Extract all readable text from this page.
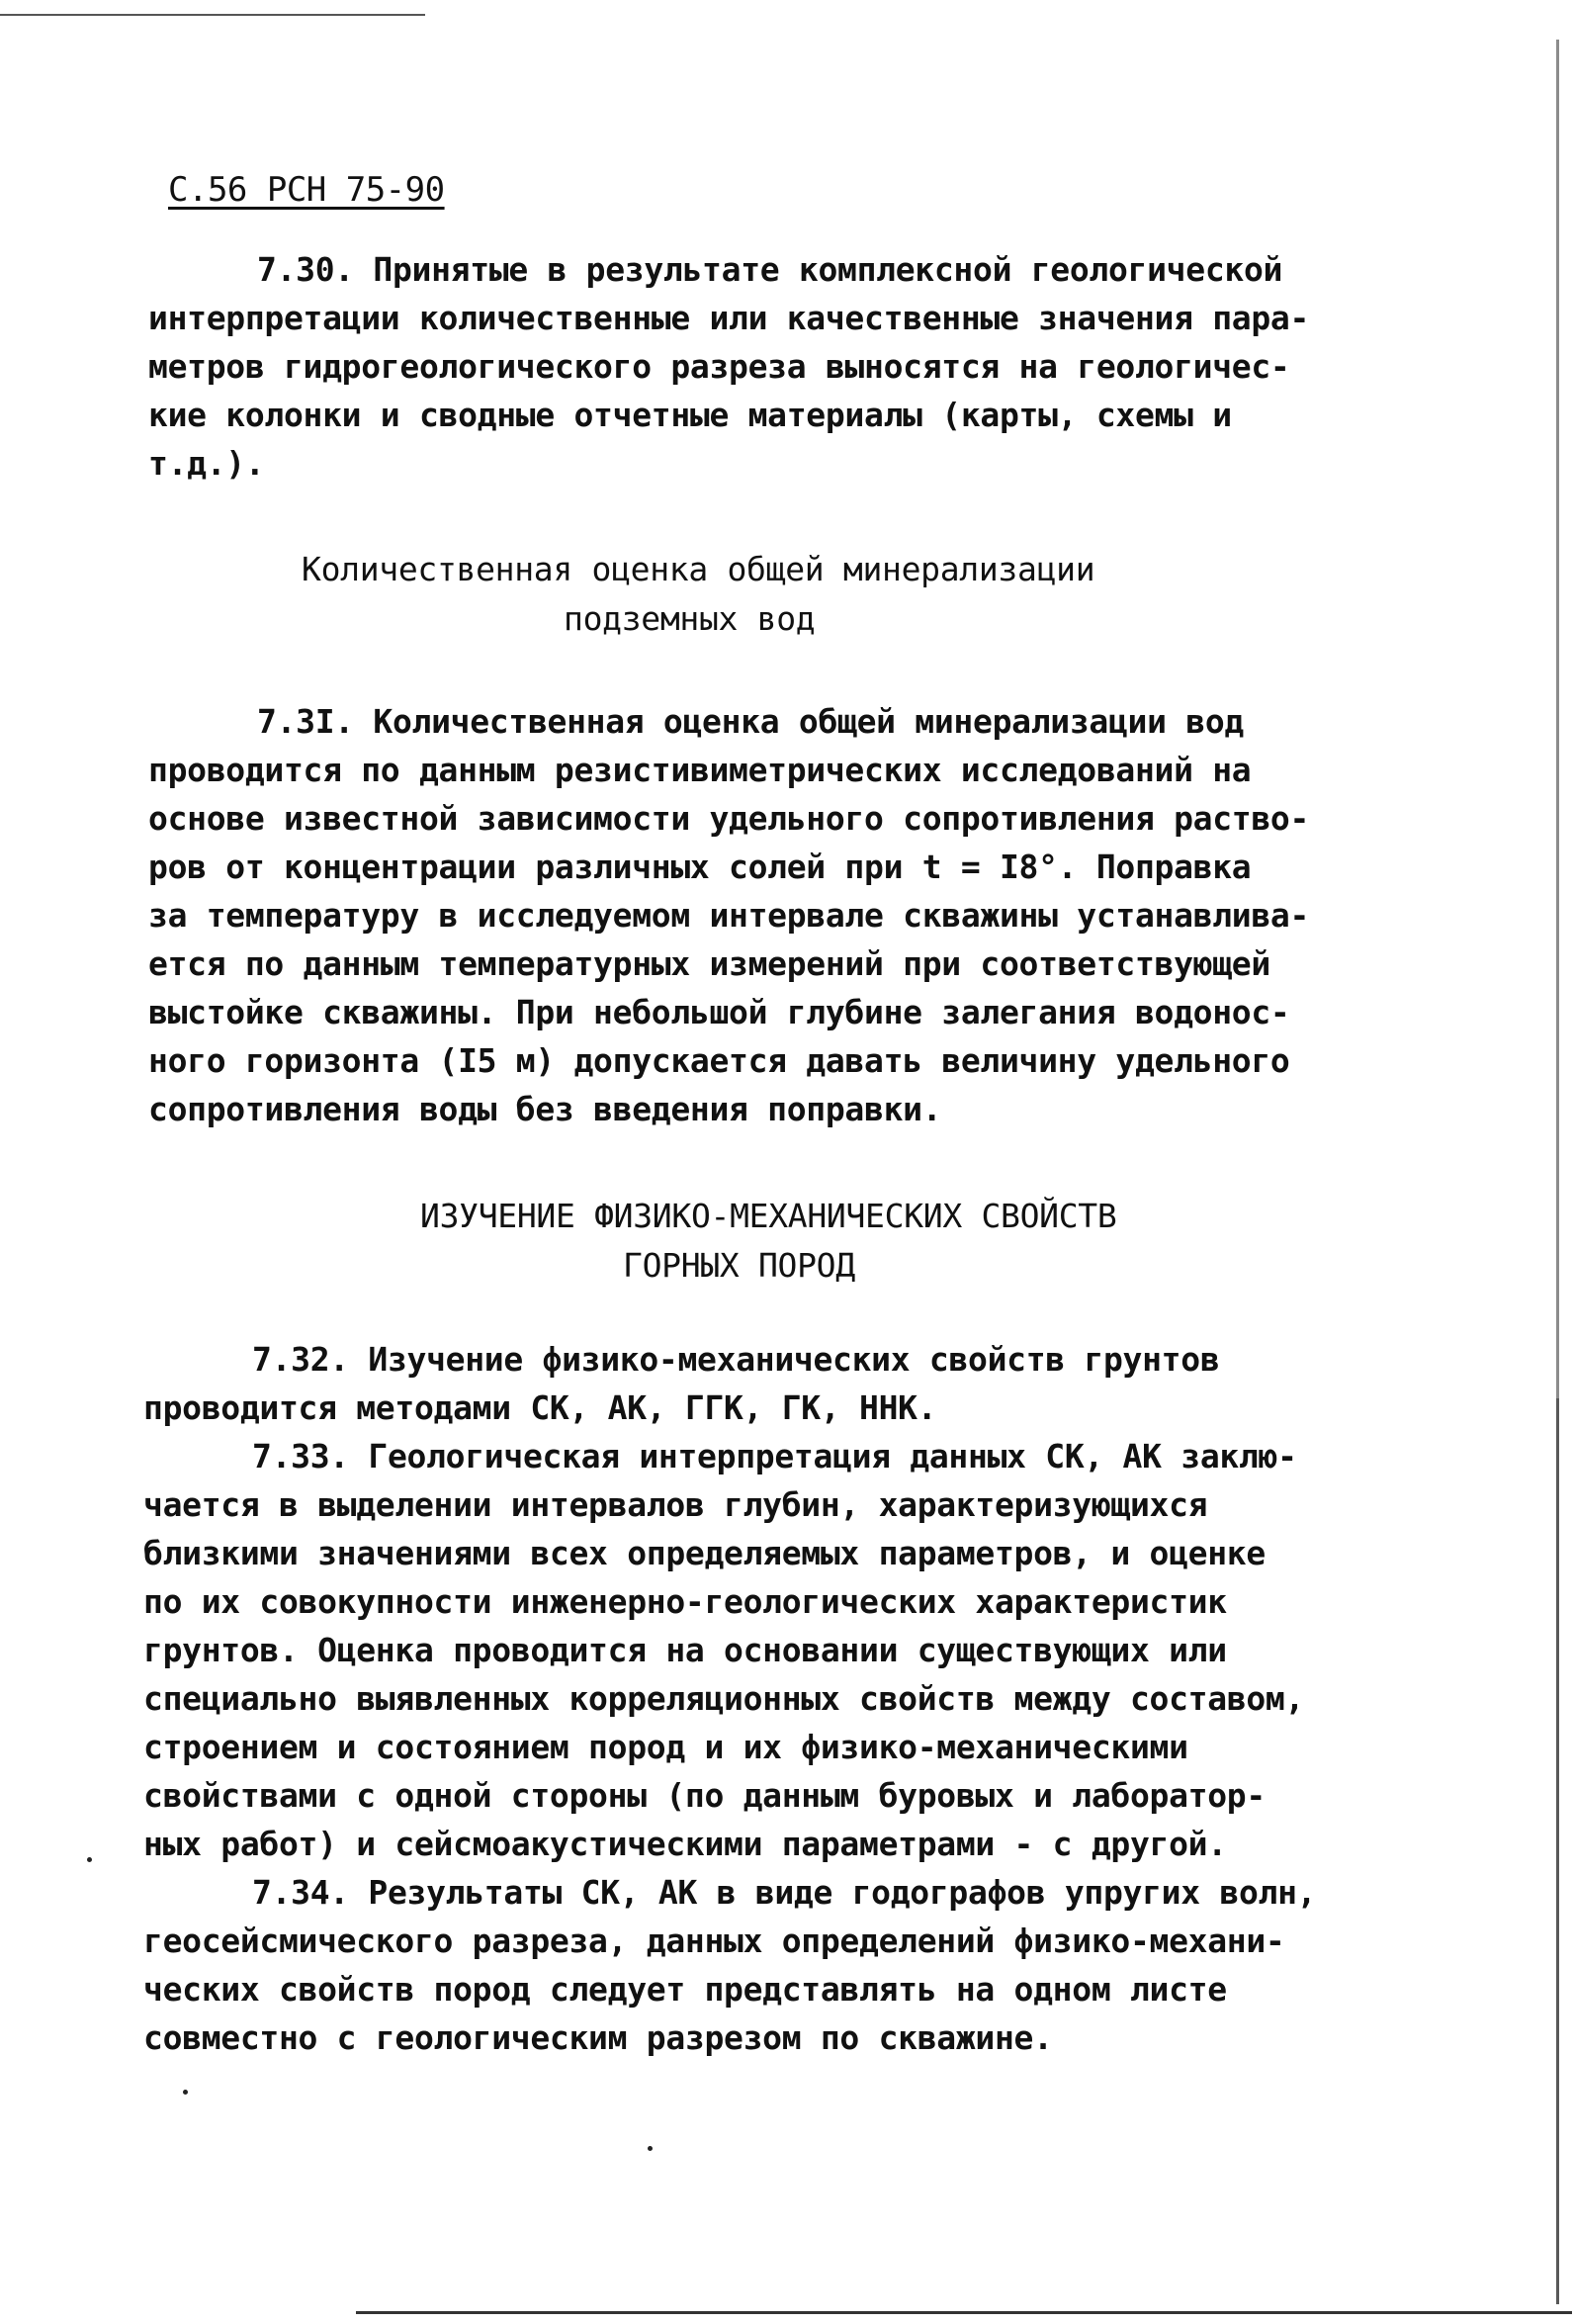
С.56 РСН 75-90
7.30. Принятые в результате комплексной геологической
интерпретации количественные или качественные значения пара-
метров гидрогеологического разреза выносятся на геологичес-
кие колонки и сводные отчетные материалы (карты, схемы и
т.д.).
Количественная оценка общей минерализации
подземных вод
7.3I. Количественная оценка общей минерализации вод
проводится по данным резистивиметрических исследований на
основе известной зависимости удельного сопротивления раство-
ров от концентрации различных солей при t = I8°. Поправка
за температуру в исследуемом интервале скважины устанавлива-
ется по данным температурных измерений при соответствующей
выстойке скважины. При небольшой глубине залегания водонос-
ного горизонта (I5 м) допускается давать величину удельного
сопротивления воды без введения поправки.
ИЗУЧЕНИЕ ФИЗИКО-МЕХАНИЧЕСКИХ СВОЙСТВ
ГОРНЫХ ПОРОД
7.32. Изучение физико-механических свойств грунтов
проводится методами СК, АК, ГГК, ГК, ННК.
7.33. Геологическая интерпретация данных СК, АК заклю-
чается в выделении интервалов глубин, характеризующихся
близкими значениями всех определяемых параметров, и оценке
по их совокупности инженерно-геологических характеристик
грунтов. Оценка проводится на основании существующих или
специально выявленных корреляционных свойств между составом,
строением и состоянием пород и их физико-механическими
свойствами с одной стороны (по данным буровых и лаборатор-
ных работ) и сейсмоакустическими параметрами - с другой.
7.34. Результаты СК, АК в виде годографов упругих волн,
геосейсмического разреза, данных определений физико-механи-
ческих свойств пород следует представлять на одном листе
совместно с геологическим разрезом по скважине.
